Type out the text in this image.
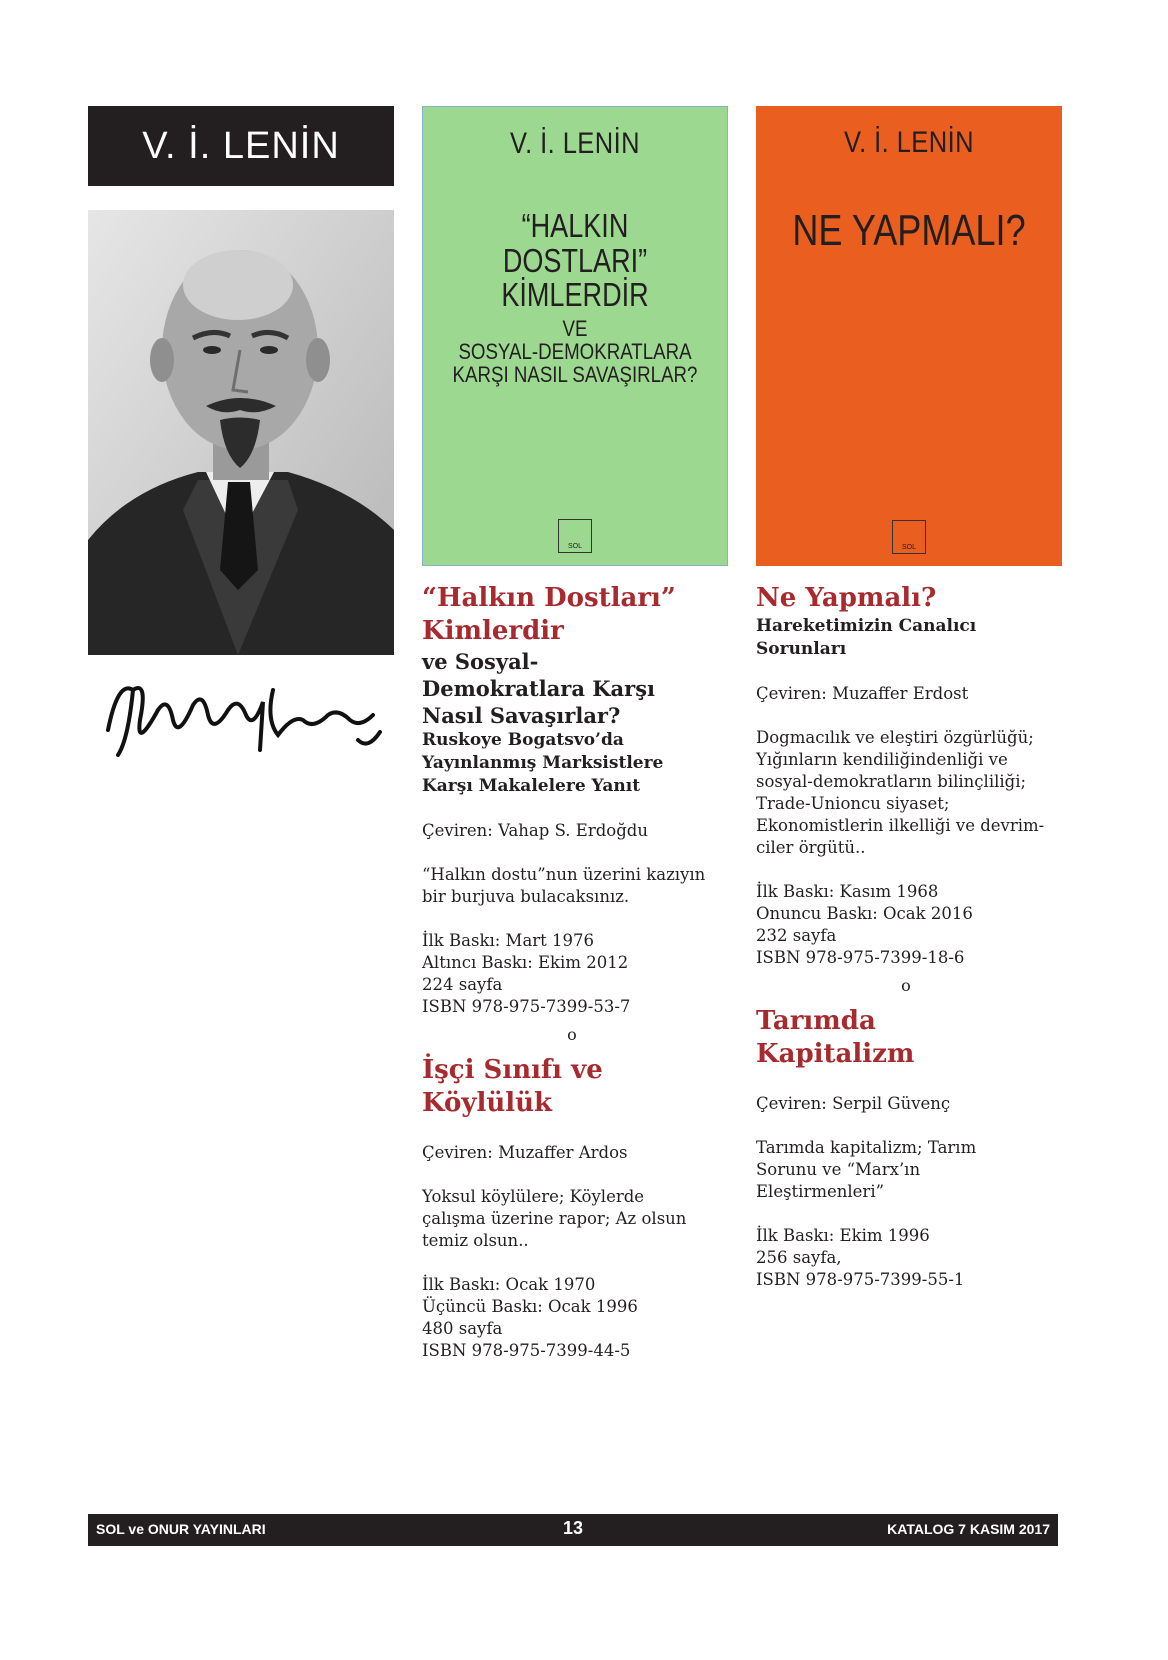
V. İ. LENİN	V. İ. LENİN
“HALKIN DOSTLARI”
KİMLERDİR
VE
SOSYAL-DEMOKRATLARA
KARŞI NASIL SAVAŞIRLAR?
SOL
V. İ. LENİN
NE YAPMALI?
SOL

“Halkın Dostları”

Kimlerdir

ve Sosyal-

Demokratlara Karşı

Nasıl Savaşırlar?

Ruskoye Bogatsvo’da

Yayınlanmış Marksistlere

Karşı Makalelere Yanıt

Çeviren: Vahap S. Erdoğdu

“Halkın dostu”nun üzerini kazıyın

bir burjuva bulacaksınız.

İlk Baskı: Mart 1976

Altıncı Baskı: Ekim 2012

224 sayfa

ISBN 978-975-7399-53-7

o

İşçi Sınıfı ve

Köylülük

Çeviren: Muzaffer Ardos

Yoksul köylülere; Köylerde

çalışma üzerine rapor; Az olsun

temiz olsun..

İlk Baskı: Ocak 1970

Üçüncü Baskı: Ocak 1996

480 sayfa

ISBN 978-975-7399-44-5

Ne Yapmalı?

Hareketimizin Canalıcı

Sorunları

Çeviren: Muzaffer Erdost

Dogmacılık ve eleştiri özgürlüğü;

Yığınların kendiliğindenliği ve

sosyal-demokratların bilinçliliği;

Trade-Unioncu siyaset;

Ekonomistlerin ilkelliği ve devrim-

ciler örgütü..

İlk Baskı: Kasım 1968

Onuncu Baskı: Ocak 2016

232 sayfa

ISBN 978-975-7399-18-6

o

Tarımda

Kapitalizm

Çeviren: Serpil Güvenç

Tarımda kapitalizm; Tarım

Sorunu ve “Marx’ın

Eleştirmenleri”

İlk Baskı: Ekim 1996

256 sayfa,

ISBN 978-975-7399-55-1

SOL ve ONUR YAYINLARI	13	KATALOG 7 KASIM 2017
